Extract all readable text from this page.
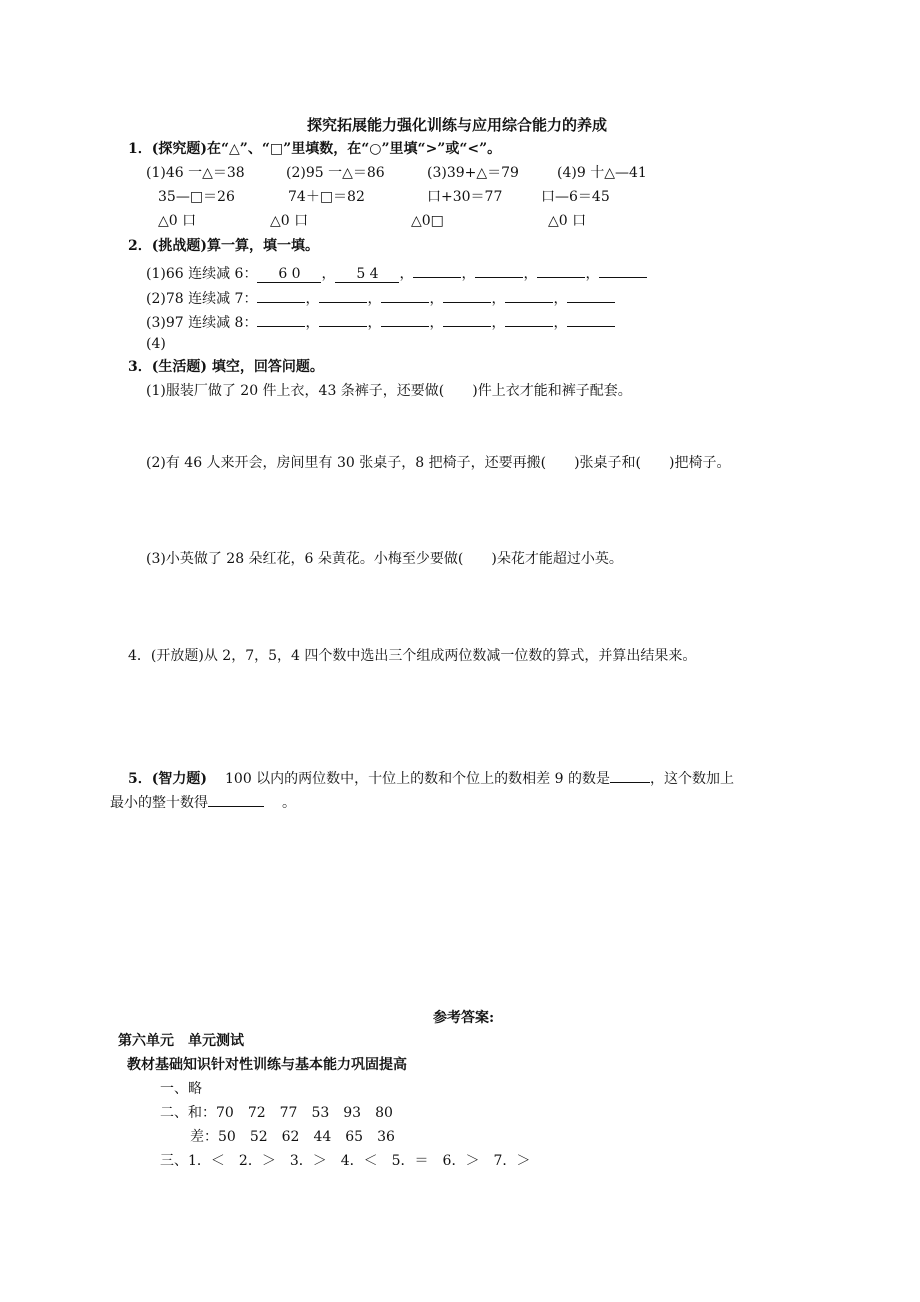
探究拓展能力强化训练与应用综合能力的养成
1．(探究题)在“△”、“□”里填数，在“○”里填“>”或“<”。
(1)46 一△＝38	(2)95 一△＝86	(3)39+△＝79	(4)9 十△—41
35—□＝26	74＋□＝82	口+30＝77	口—6＝45
△0 口	△0 口	△0□	△0 口
2．(挑战题)算一算，填一填。
(1)66 连续减 6： 6 0 ， 5 4 ，	，	，	，
(2)78 连续减 7：	，	，	，	，	，
(3)97 连续减 8：	，	，	，	，	，
(4)
3．(生活题) 填空，回答问题。
(1)服装厂做了 20 件上衣，43 条裤子，还要做(　　)件上衣才能和裤子配套。
(2)有 46 人来开会，房间里有 30 张桌子，8 把椅子，还要再搬(　　)张桌子和(　　)把椅子。
(3)小英做了 28 朵红花，6 朵黄花。小梅至少要做(　　)朵花才能超过小英。
4．(开放题)从 2，7，5，4 四个数中选出三个组成两位数减一位数的算式，并算出结果来。
5．(智力题) 100 以内的两位数中，十位上的数和个位上的数相差 9 的数是	，这个数加上
最小的整十数得	。
参考答案:
第六单元　单元测试
教材基础知识针对性训练与基本能力巩固提高
一、略
二、和：70　72　77　53　93　80
差：50　52　62　44　65　36
三、1．＜　2．＞　3．＞　4．＜　5．＝　6．＞　7．＞
